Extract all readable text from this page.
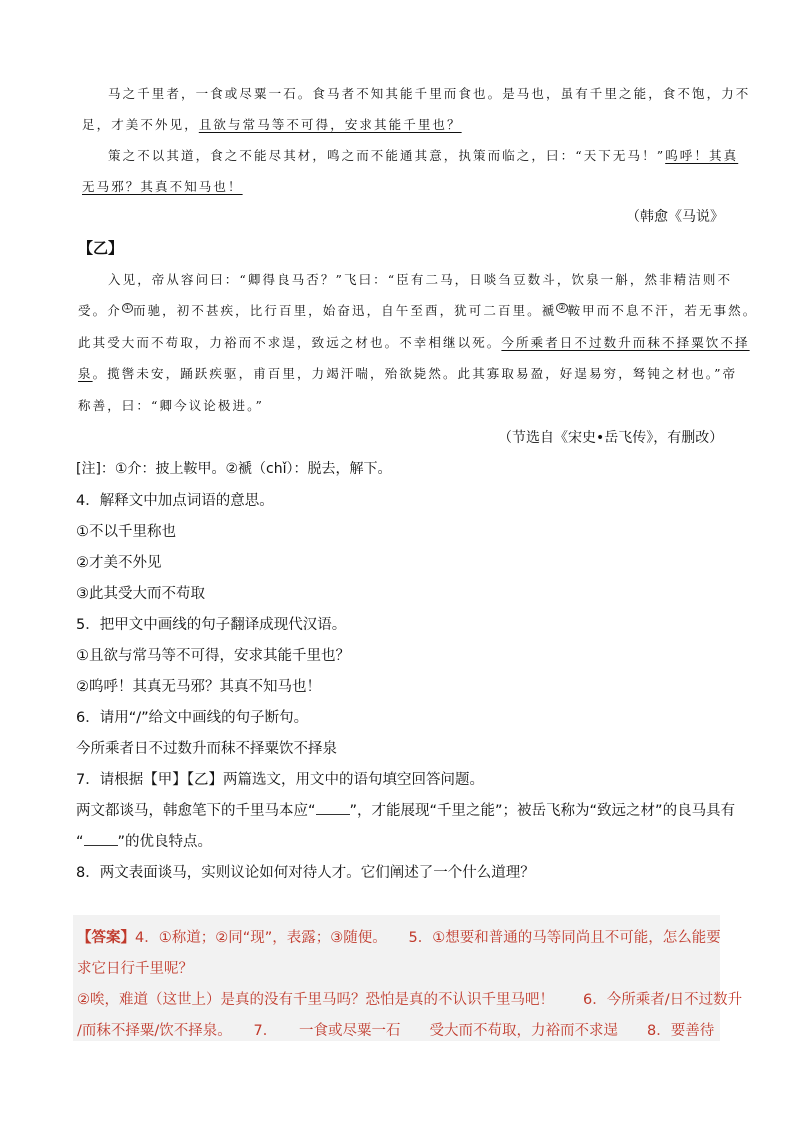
马之千里者，一食或尽粟一石。食马者不知其能千里而食也。是马也，虽有千里之能，食不饱，力不
足，才美不外见，且欲与常马等不可得，安求其能千里也？
策之不以其道，食之不能尽其材，鸣之而不能通其意，执策而临之，曰：“天下无马！”呜呼！其真
无马邪？其真不知马也！
（韩愈《马说》
【乙】
入见，帝从容问曰：“卿得良马否？”飞曰：“臣有二马，日啖刍豆数斗，饮泉一斛，然非精洁则不
受。介 ① 而驰，初不甚疾，比行百里，始奋迅，自午至酉，犹可二百里。褫 ② 鞍甲而不息不汗，若无事然。
此其受大而不苟取，力裕而不求逞，致远之材也。不幸相继以死。今所乘者日不过数升而秣不择粟饮不择
泉。揽辔未安，踊跃疾驱，甫百里，力竭汗喘，殆欲毙然。此其寡取易盈，好逞易穷，驽钝之材也。”帝
称善，曰：“卿今议论极进。”
（节选自《宋史•岳飞传》，有删改）
[注]：①介：披上鞍甲。②褫（chǐ）：脱去，解下。
4．解释文中加点词语的意思。
①不以千里称也
②才美不外见
③此其受大而不苟取
5．把甲文中画线的句子翻译成现代汉语。
①且欲与常马等不可得，安求其能千里也？
②呜呼！其真无马邪？其真不知马也！
6．请用“/”给文中画线的句子断句。
今所乘者日不过数升而秣不择粟饮不择泉
7．请根据【甲】【乙】两篇选文，用文中的语句填空回答问题。
两文都谈马，韩愈笔下的千里马本应“ ”，才能展现“千里之能”；被岳飞称为“致远之材”的良马具有
“ ”的优良特点。
8．两文表面谈马，实则议论如何对待人才。它们阐述了一个什么道理？
【答案】4．①称道；②同“现”，表露；③随便。　　5．①想要和普通的马等同尚且不可能，怎么能要
求它日行千里呢？
②唉，难道（这世上）是真的没有千里马吗？恐怕是真的不认识千里马吧！　　6．今所乘者/日不过数升
/而秣不择粟/饮不择泉。　　7．　　一食或尽粟一石　　受大而不苟取，力裕而不求逞　　8．要善待
